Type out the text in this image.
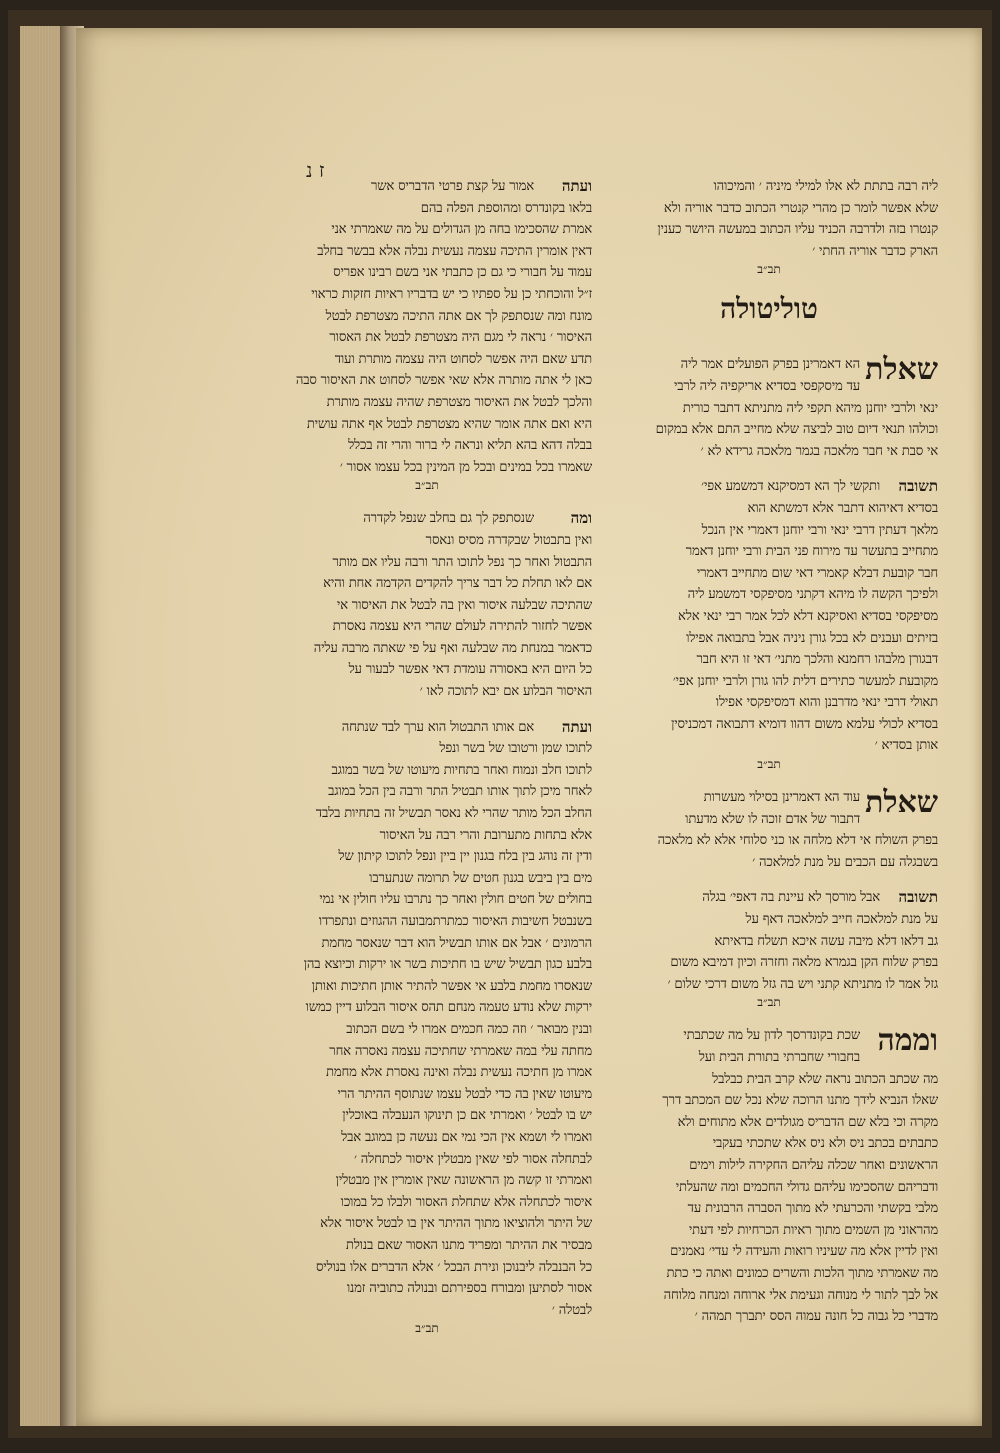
ז נ
ליה רבה בתתת לא אלו למילי מיניה ׳ והמיכוהו
שלא אפשר לומר כן מהרי קנטרי הכתוב כדבר אוריה ולא
קנטרו בזה ולדרבה הכניד עליו הכתוב במעשה היושר כענין
הארק כדבר אוריה החתי ׳
תב״ב
טוליטולה
שאלת
הא דאמרינן בפרק הפועלים אמר ליה
עד מיסקפסי בסדיא אריקפיה ליה לרבי
ינאי ולרבי יוחנן מיהא תקפי ליה מתניתא דתבר כורית
וכולהו תנאי דיום טוב לביצה שלא מחייב התם אלא במקום
אי סבת אי חבר מלאכה בגמר מלאכה גרידא לא ׳
תשובה
ותקשי לך הא דמסיקנא דמשמע אפי׳
בסדיא דאיהוא דתבר אלא דמשתא הוא
מלאך דעתין דרבי ינאי ורבי יוחנן דאמרי אין הנכל
מתחייב בתעשר עד מירוח פני הבית ורבי יוחנן דאמר
חבר קובעת דבלא קאמרי דאי שום מתחייב דאמרי
ולפיכך הקשה לו מיהא דקתני מסיפקסי דמשמע ליה
מסיפקסי בסדיא ואסיקנא דלא לכל אמר רבי ינאי אלא
בזיתים ועבנים לא בכל גורן ניניה אבל בתבואה אפילו
דבגורן מלבהו רחמנא והלכך מתני׳ דאי זו היא חבר
מקובעת למעשר כתירים דלית להו גורן ולרבי יוחנן אפי׳
תאולי דרבי ינאי מדרבנן והוא דמסיפקסי אפילו
בסדיא לכולי עלמא משום דהוו דומיא דתבואה דמכניסין
אותן בסדיא ׳
תב״ב
שאלת
עוד הא דאמרינן בסילוי מעשרות
דתבור של אדם זוכה לו שלא מדעתו
בפרק השולח אי דלא מלחה או כני סלוחי אלא לא מלאכה
בשבגלה עם הכבים על מנת למלאכה ׳
תשובה
אבל מורסך לא עיינת בה דאפי׳ בגלה
על מנת למלאכה חייב למלאכה דאף על
גב דלאו דלא מיבה עשה איכא תשלח בדאיתא
בפרק שלוח הקן בגמרא מלאה וחזרה וכיון דמיבא משום
גזל אמר לו מתניתא קתני ויש בה גזל משום דרכי שלום ׳
תב״ב
וממה
שכת בקונדרסך לדון על מה שכתבתי
בחבורי שחברתי בתורת הבית ועל
מה שכתב הכתוב נראה שלא קרב הבית כבלבל
שאלו הנביא לידך מתנו הרוכה שלא נכל שם המכתב דרך
מקרה וכי בלא שם הדבריס מגולדים אלא מתוחים ולא
כתבתים בכתב ניס ולא ניס אלא שתכתי בעקבי
הראשונים ואחר שכלה עליהם החקירה לילות וימים
ודבריהם שהסכימו עליהם גדולי החכמים ומה שהעלתי
מלבי בקשתי והכרעתי לא מתוך הסברה הרבונית עד
מהראוני מן השמים מתוך ראיות הכרחיות לפי דעתי
ואין לדיין אלא מה שעיניו רואות והעידה לי עדי׳ נאמנים
מה שאמרתי מתוך הלכות והשרים כמונים ואתה כי כתת
אל לבך לתור לי מנוחה וגעימת אלי ארוחה ומנחה מלוחה
מדברי כל גבוה כל חונה עמוה הסס יתברך תמהה ׳
ועתה
אמור על קצת פרטי הדבריס אשר
בלאו בקונדרס ומהוספת הפלה בהם
אמרת שהסכימו בחה מן הגדולים על מה שאמרתי אני
דאין אומרין התיכה עצמה נעשית נבלה אלא בבשר בחלב
עמוד על חבורי כי גם כן כתבתי אני בשם רבינו אפריס
ז״ל והוכחתי כן על ספתיו כי יש בדבריו ראיות חזקות כראוי
מונח ומה שנסתפק לך אם אתה התיכה מצטרפת לבטל
האיסור ׳ נראה לי מגם היה מצטרפת לבטל את האסור
תדע שאם היה אפשר לסחוט היה עצמה מותרת ועוד
כאן לי אתה מותרה אלא שאי אפשר לסחוט את האיסור סבה
והלכך לבטל את האיסור מצטרפת שהיה עצמה מותרת
היא ואם אתה אומר שהיא מצטרפת לבטל אף אתה עושית
בבלה דהא בהא תליא ונראה לי ברור והרי זה בכלל
שאמרו בכל במינים ובכל מן המינין בכל עצמו אסור ׳
תב״ב
ומה
שנסתפק לך גם בחלב שנפל לקדרה
ואין בתבטול שבקדרה מסיס ונאסר
התבטול ואחר כך נפל לתוכו התר ורבה עליו אם מותר
אם לאו תחלת כל דבר צריך להקדים הקדמה אחת והיא
שהתיכה שבלעה איסור ואין בה לבטל את האיסור אי
אפשר לחזור להתירה לעולם שהרי היא עצמה נאסרת
כדאמר במנחת מה שבלעה ואף על פי שאתה מרבה עליה
כל היום היא באסורה עומדת דאי אפשר לבעור על
האיסור הבלוע אם יבא לתוכה לאו ׳
ועתה
אם אותו התבטול הוא ערך לבד שנתחה
לתוכו שמן ורטובו של בשר ונפל
לתוכו חלב ונמוח ואחר בתחיות מיעוטו של בשר במוגב
לאחר מיכן לתוך אותו תבטיל התר ורבה בין הכל במוגב
החלב הכל מותר שהרי לא נאסר תבשיל זה בתחיות בלבד
אלא בתחות מתערובת והרי רבה על האיסור
ודין זה נוהג בין בלח בגנון יין ביין ונפל לתוכו קיתון של
מים בין ביבש בגנון חטים של תרומה שנתערבו
בחולים של חטים חולין ואחר כך נתרבו עליו חולין אי נמי
בשנבטל חשיבות האיסור כמתרתמבועה ההגוזים ונתפרדו
הרמונים ׳ אבל אם אותו תבשיל הוא דבר שנאסר מחמת
בלבע כגון תבשיל שיש בו חתיכות בשר או ירקות וכיוצא בהן
שנאסרו מחמת בלבע אי אפשר להתיר אותן חתיכות ואותן
ירקות שלא נודע טעמה מנחם תהס איסור הבלוע דיין כמשו
ובנין מבואר ׳ וזה כמה חכמים אמרו לי בשם הכתוב
מחתה עלי במה שאמרתי שחתיכה עצמה נאסרה אחר
אמרו מן חתיכה נעשית נבלה ואינה נאסרת אלא מחמת
מיעוטו שאין בה כדי לבטל עצמו שנתוסף ההיתר הרי
יש בו לבטל ׳ ואמרתי אם כן תינוקו הנעבלה באוכלין
ואמרו לי ושמא אין הכי נמי אם נעשה כן במוגב אבל
לבתחלה אסור לפי שאין מבטלין איסור לכתחלה ׳
ואמרתי זו קשה מן הראשונה שאין אומרין אין מבטלין
איסור לכתחלה אלא שתחלת האסור ולבלו כל במוכו
של היתר ולהוציאו מתוך ההיתר אין בו לבטל איסור אלא
מבסיר את ההיתר ומפריד מתנו האסור שאם בנולת
כל הבנבלה ליבנוכן ונירת הבכל ׳ אלא הדברים אלו בנוליס
אסור לסתיען ומבורח בספירתם ובנולה כתוביה זמנו
לבטלה ׳
תב״ב
